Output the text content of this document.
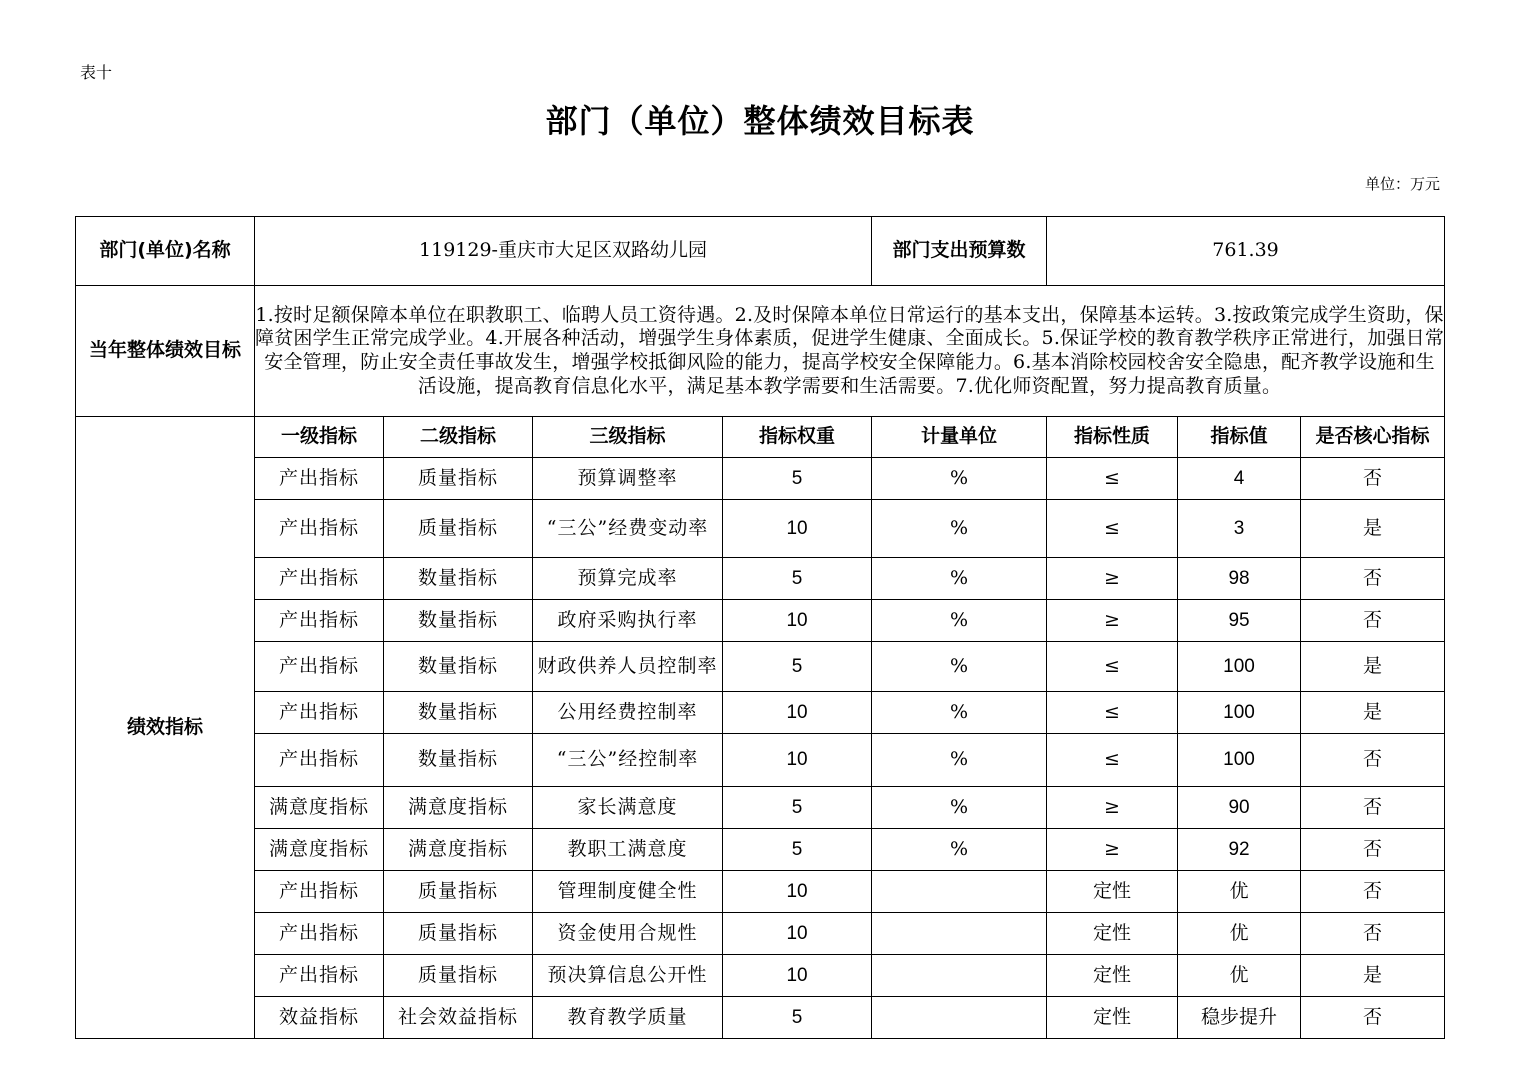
表十
部门（单位）整体绩效目标表
单位：万元
部门(单位)名称	119129-重庆市大足区双路幼儿园				部门支出预算数	761.39		
当年整体绩效目标	1.按时足额保障本单位在职教职工、临聘人员工资待遇。2.及时保障本单位日常运行的基本支出，保障基本运转。3.按政策完成学生资助，保障贫困学生正常完成学业。4.开展各种活动，增强学生身体素质，促进学生健康、全面成长。5.保证学校的教育教学秩序正常进行，加强日常安全管理，防止安全责任事故发生，增强学校抵御风险的能力，提高学校安全保障能力。6.基本消除校园校舍安全隐患，配齐教学设施和生活设施，提高教育信息化水平，满足基本教学需要和生活需要。7.优化师资配置，努力提高教育质量。							
绩效指标	一级指标	二级指标	三级指标	指标权重	计量单位	指标性质	指标值	是否核心指标
	产出指标	质量指标	预算调整率	5	%	≤	4	否
	产出指标	质量指标	“三公”经费变动率	10	%	≤	3	是
	产出指标	数量指标	预算完成率	5	%	≥	98	否
	产出指标	数量指标	政府采购执行率	10	%	≥	95	否
	产出指标	数量指标	财政供养人员控制率	5	%	≤	100	是
	产出指标	数量指标	公用经费控制率	10	%	≤	100	是
	产出指标	数量指标	“三公”经控制率	10	%	≤	100	否
	满意度指标	满意度指标	家长满意度	5	%	≥	90	否
	满意度指标	满意度指标	教职工满意度	5	%	≥	92	否
	产出指标	质量指标	管理制度健全性	10		定性	优	否
	产出指标	质量指标	资金使用合规性	10		定性	优	否
	产出指标	质量指标	预决算信息公开性	10		定性	优	是
	效益指标	社会效益指标	教育教学质量	5		定性	稳步提升	否
